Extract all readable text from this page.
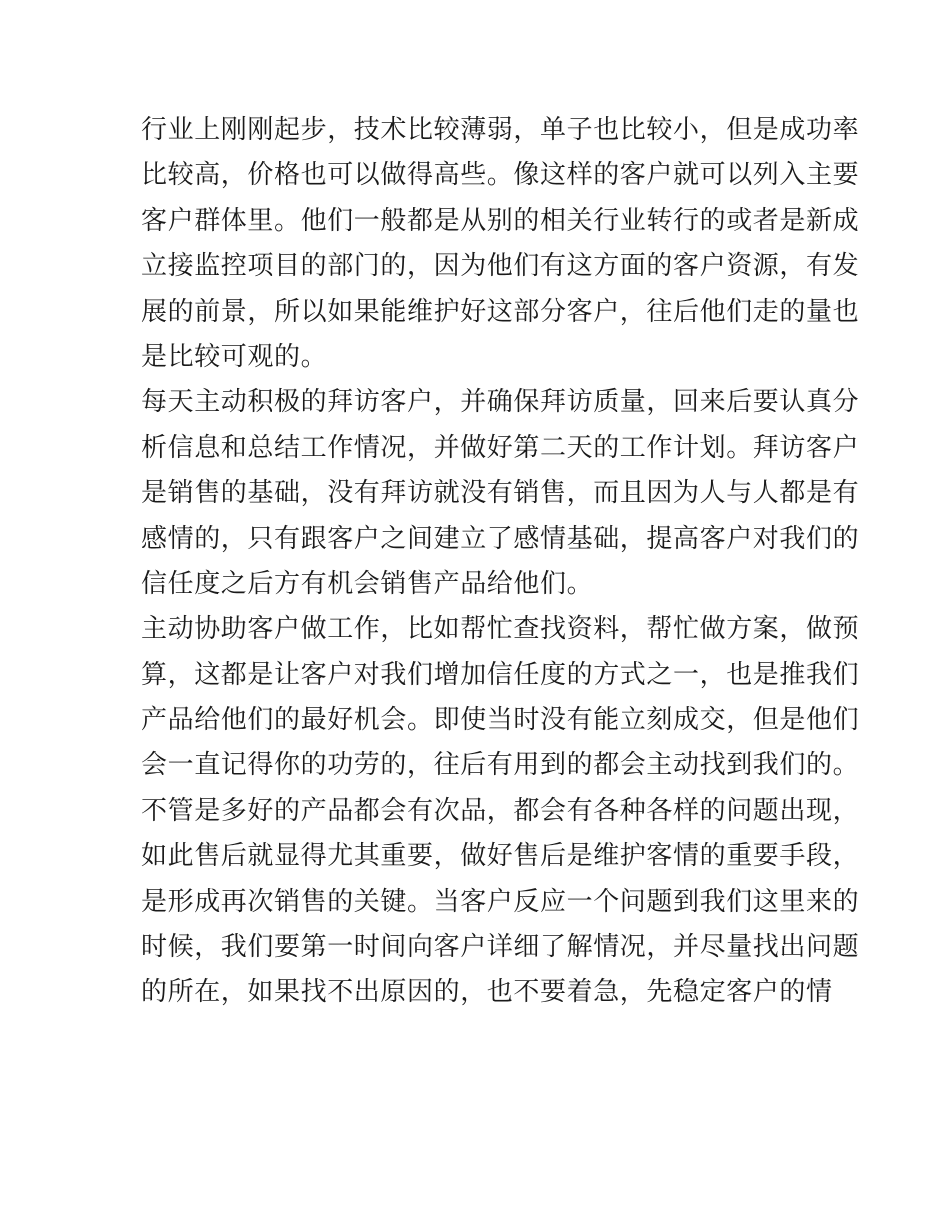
行业上刚刚起步，技术比较薄弱，单子也比较小，但是成功率
比较高，价格也可以做得高些。像这样的客户就可以列入主要
客户群体里。他们一般都是从别的相关行业转行的或者是新成
立接监控项目的部门的，因为他们有这方面的客户资源，有发
展的前景，所以如果能维护好这部分客户，往后他们走的量也
是比较可观的。
每天主动积极的拜访客户，并确保拜访质量，回来后要认真分
析信息和总结工作情况，并做好第二天的工作计划。拜访客户
是销售的基础，没有拜访就没有销售，而且因为人与人都是有
感情的，只有跟客户之间建立了感情基础，提高客户对我们的
信任度之后方有机会销售产品给他们。
主动协助客户做工作，比如帮忙查找资料，帮忙做方案，做预
算，这都是让客户对我们增加信任度的方式之一，也是推我们
产品给他们的最好机会。即使当时没有能立刻成交，但是他们
会一直记得你的功劳的，往后有用到的都会主动找到我们的。
不管是多好的产品都会有次品，都会有各种各样的问题出现，
如此售后就显得尤其重要，做好售后是维护客情的重要手段，
是形成再次销售的关键。当客户反应一个问题到我们这里来的
时候，我们要第一时间向客户详细了解情况，并尽量找出问题
的所在，如果找不出原因的，也不要着急，先稳定客户的情
